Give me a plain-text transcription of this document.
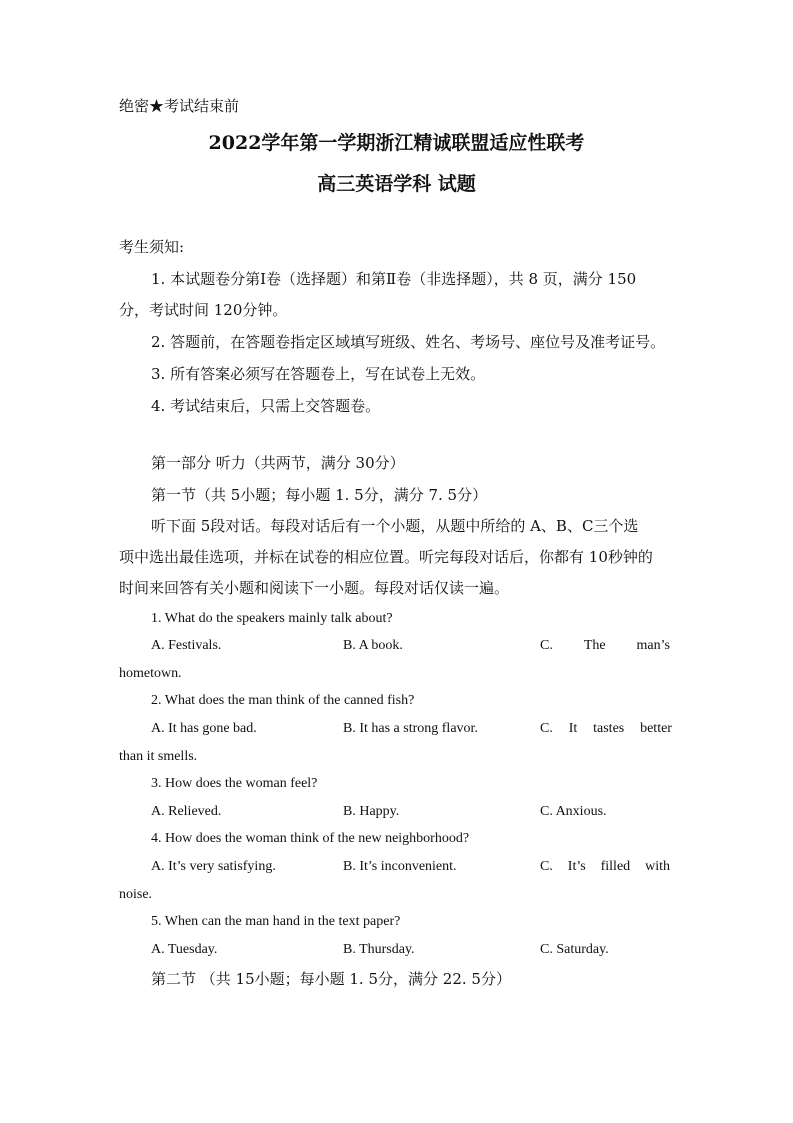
绝密★考试结束前
2022学年第一学期浙江精诚联盟适应性联考
高三英语学科 试题
考生须知:
1. 本试题卷分第Ⅰ卷（选择题）和第Ⅱ卷（非选择题），共 8 页，满分 150
分，考试时间 120分钟。
2. 答题前，在答题卷指定区域填写班级、姓名、考场号、座位号及准考证号。
3. 所有答案必须写在答题卷上，写在试卷上无效。
4. 考试结束后，只需上交答题卷。
第一部分 听力（共两节，满分 30分）
第一节（共 5小题；每小题 1. 5分，满分 7. 5分）
听下面 5段对话。每段对话后有一个小题，从题中所给的 A、B、C三个选
项中选出最佳选项，并标在试卷的相应位置。听完每段对话后，你都有 10秒钟的
时间来回答有关小题和阅读下一小题。每段对话仅读一遍。
1. What do the speakers mainly talk about?
A. Festivals.	B. A book.	C. The man’s
hometown.
2. What does the man think of the canned fish?
A. It has gone bad.	B. It has a strong flavor.	C. It tastes better
than it smells.
3. How does the woman feel?
A. Relieved.	B. Happy.	C. Anxious.
4. How does the woman think of the new neighborhood?
A. It’s very satisfying.	B. It’s inconvenient.	C. It’s filled with
noise.
5. When can the man hand in the text paper?
A. Tuesday.	B. Thursday.	C. Saturday.
第二节 （共 15小题；每小题 1. 5分，满分 22. 5分）
